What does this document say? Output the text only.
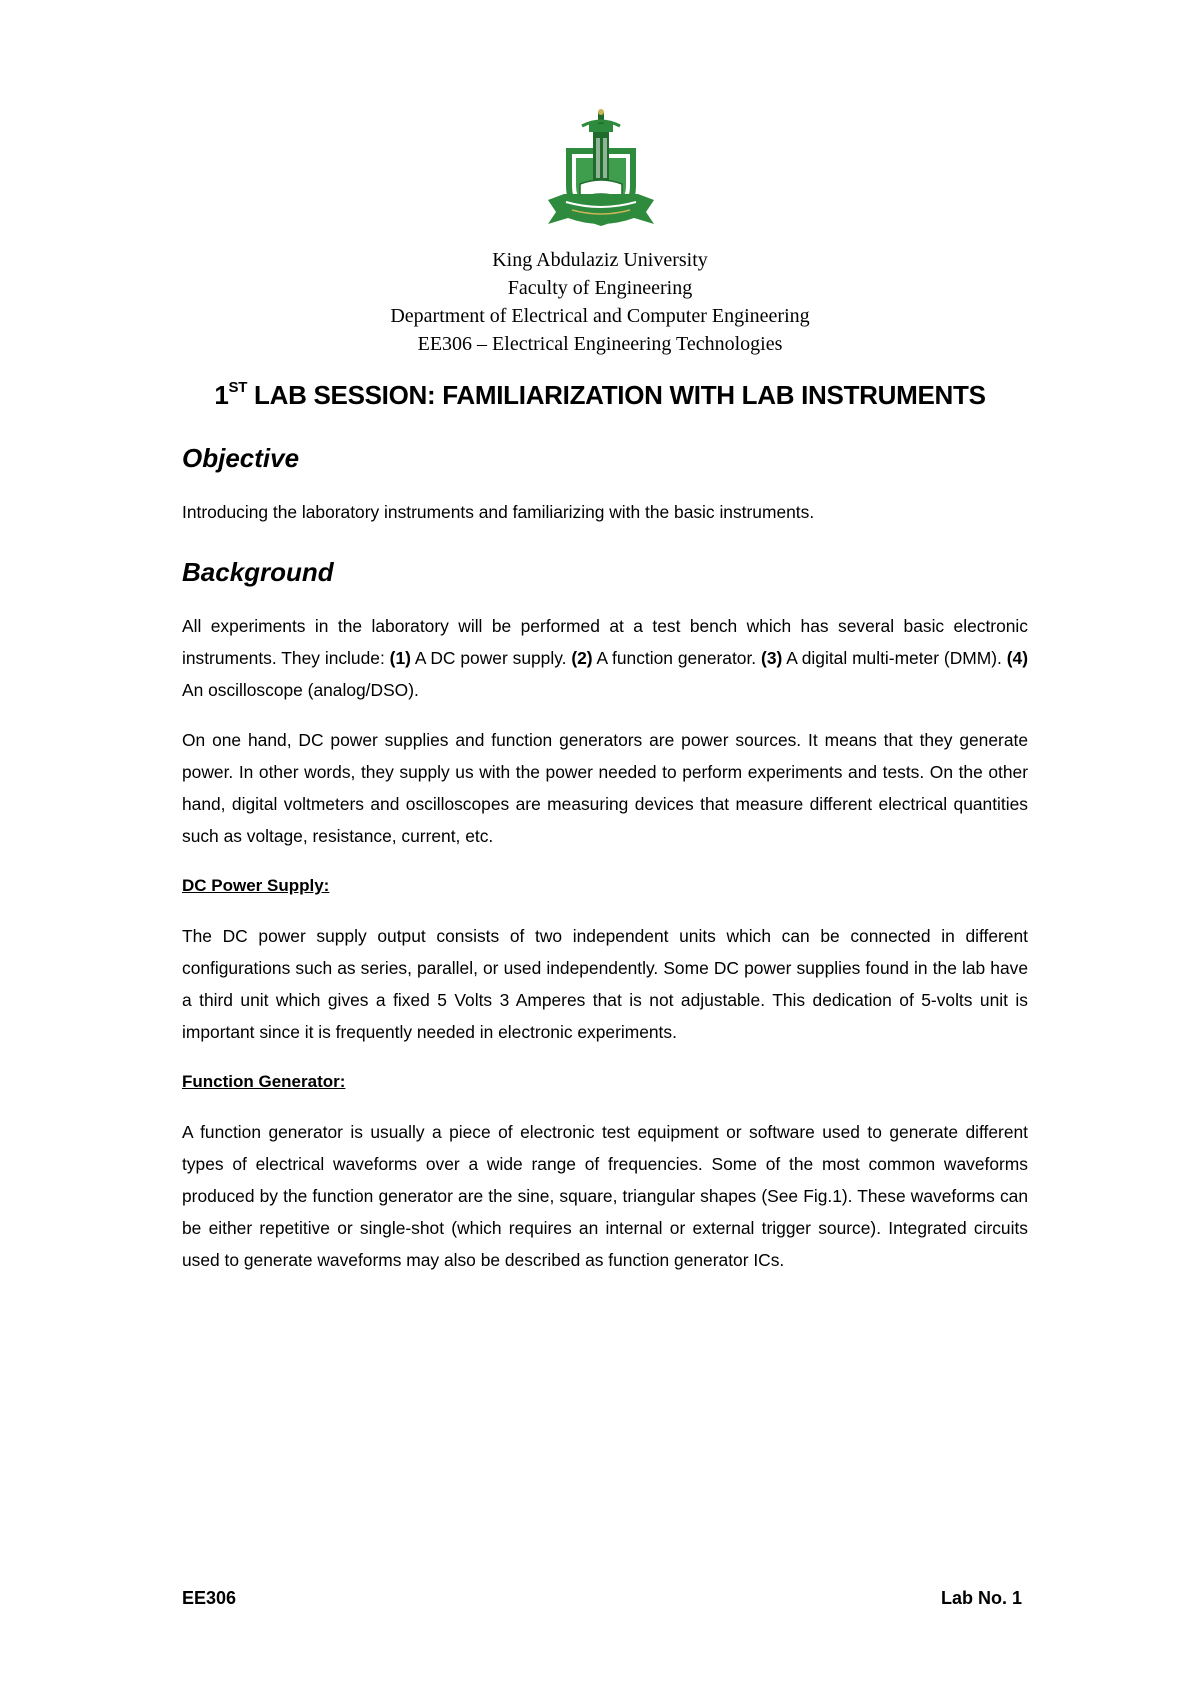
King Abdulaziz University
Faculty of Engineering
Department of Electrical and Computer Engineering
EE306 – Electrical Engineering Technologies
1ST LAB SESSION: FAMILIARIZATION WITH LAB INSTRUMENTS
Objective

Introducing the laboratory instruments and familiarizing with the basic instruments.

Background

All experiments in the laboratory will be performed at a test bench which has several basic electronic instruments. They include: (1) A DC power supply. (2) A function generator. (3) A digital multi-meter (DMM). (4) An oscilloscope (analog/DSO).

On one hand, DC power supplies and function generators are power sources. It means that they generate power. In other words, they supply us with the power needed to perform experiments and tests. On the other hand, digital voltmeters and oscilloscopes are measuring devices that measure different electrical quantities such as voltage, resistance, current, etc.

DC Power Supply:

The DC power supply output consists of two independent units which can be connected in different configurations such as series, parallel, or used independently. Some DC power supplies found in the lab have a third unit which gives a fixed 5 Volts 3 Amperes that is not adjustable. This dedication of 5-volts unit is important since it is frequently needed in electronic experiments.

Function Generator:

A function generator is usually a piece of electronic test equipment or software used to generate different types of electrical waveforms over a wide range of frequencies. Some of the most common waveforms produced by the function generator are the sine, square, triangular shapes (See Fig.1). These waveforms can be either repetitive or single-shot (which requires an internal or external trigger source). Integrated circuits used to generate waveforms may also be described as function generator ICs.

EE306	Lab No. 1
